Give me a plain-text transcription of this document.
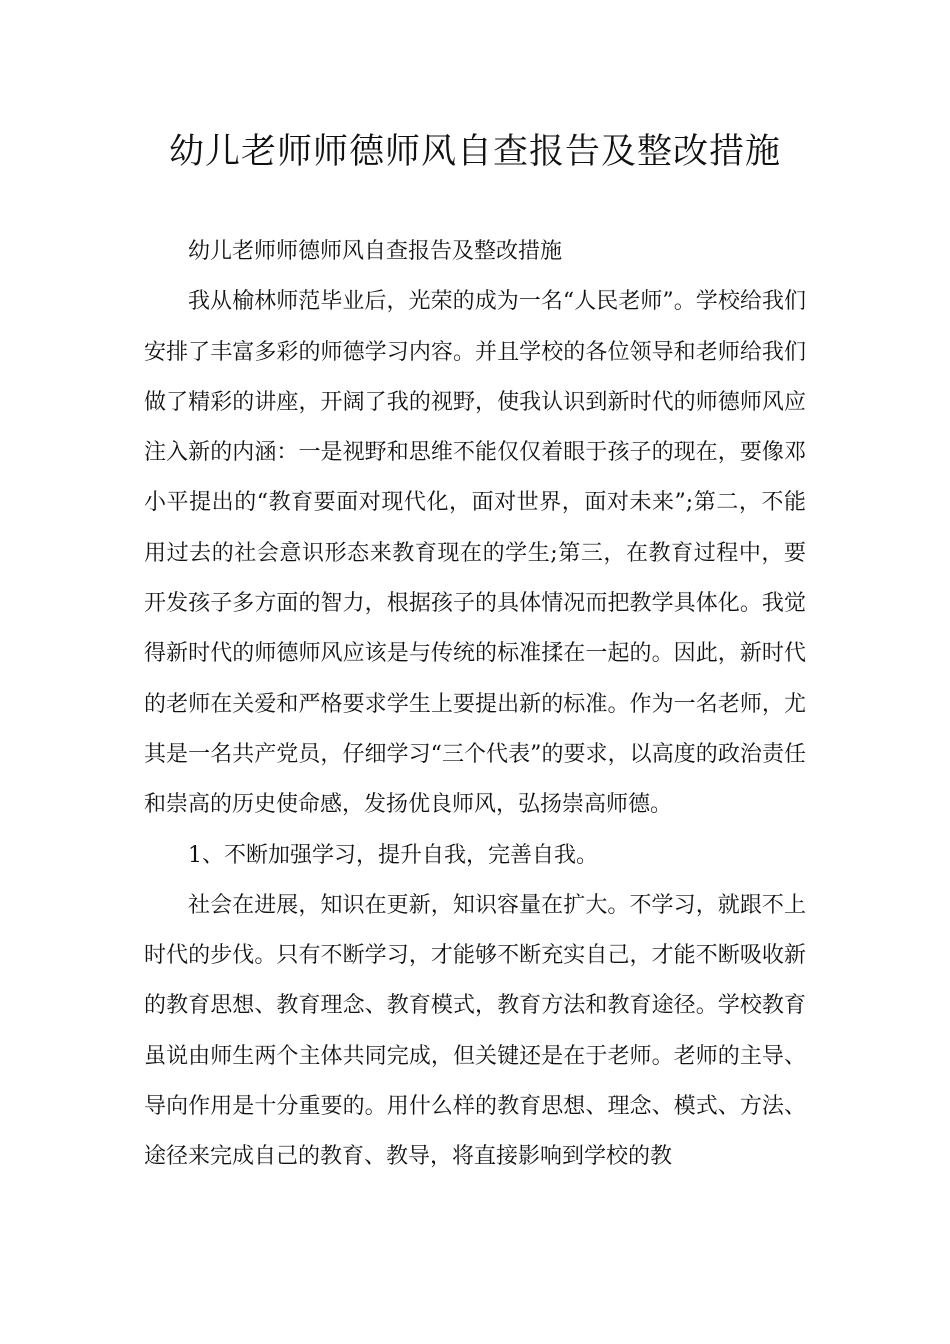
幼儿老师师德师风自查报告及整改措施

幼儿老师师德师风自查报告及整改措施

我从榆林师范毕业后，光荣的成为一名“人民老师”。学校给我们安排了丰富多彩的师德学习内容。并且学校的各位领导和老师给我们做了精彩的讲座，开阔了我的视野，使我认识到新时代的师德师风应注入新的内涵：一是视野和思维不能仅仅着眼于孩子的现在，要像邓小平提出的“教育要面对现代化，面对世界，面对未来”;第二，不能用过去的社会意识形态来教育现在的学生;第三，在教育过程中，要开发孩子多方面的智力，根据孩子的具体情况而把教学具体化。我觉得新时代的师德师风应该是与传统的标准揉在一起的。因此，新时代的老师在关爱和严格要求学生上要提出新的标准。作为一名老师，尤其是一名共产党员，仔细学习“三个代表”的要求，以高度的政治责任和崇高的历史使命感，发扬优良师风，弘扬崇高师德。

1、不断加强学习，提升自我，完善自我。

社会在进展，知识在更新，知识容量在扩大。不学习，就跟不上时代的步伐。只有不断学习，才能够不断充实自己，才能不断吸收新的教育思想、教育理念、教育模式，教育方法和教育途径。学校教育虽说由师生两个主体共同完成，但关键还是在于老师。老师的主导、导向作用是十分重要的。用什么样的教育思想、理念、模式、方法、途径来完成自己的教育、教导，将直接影响到学校的教
